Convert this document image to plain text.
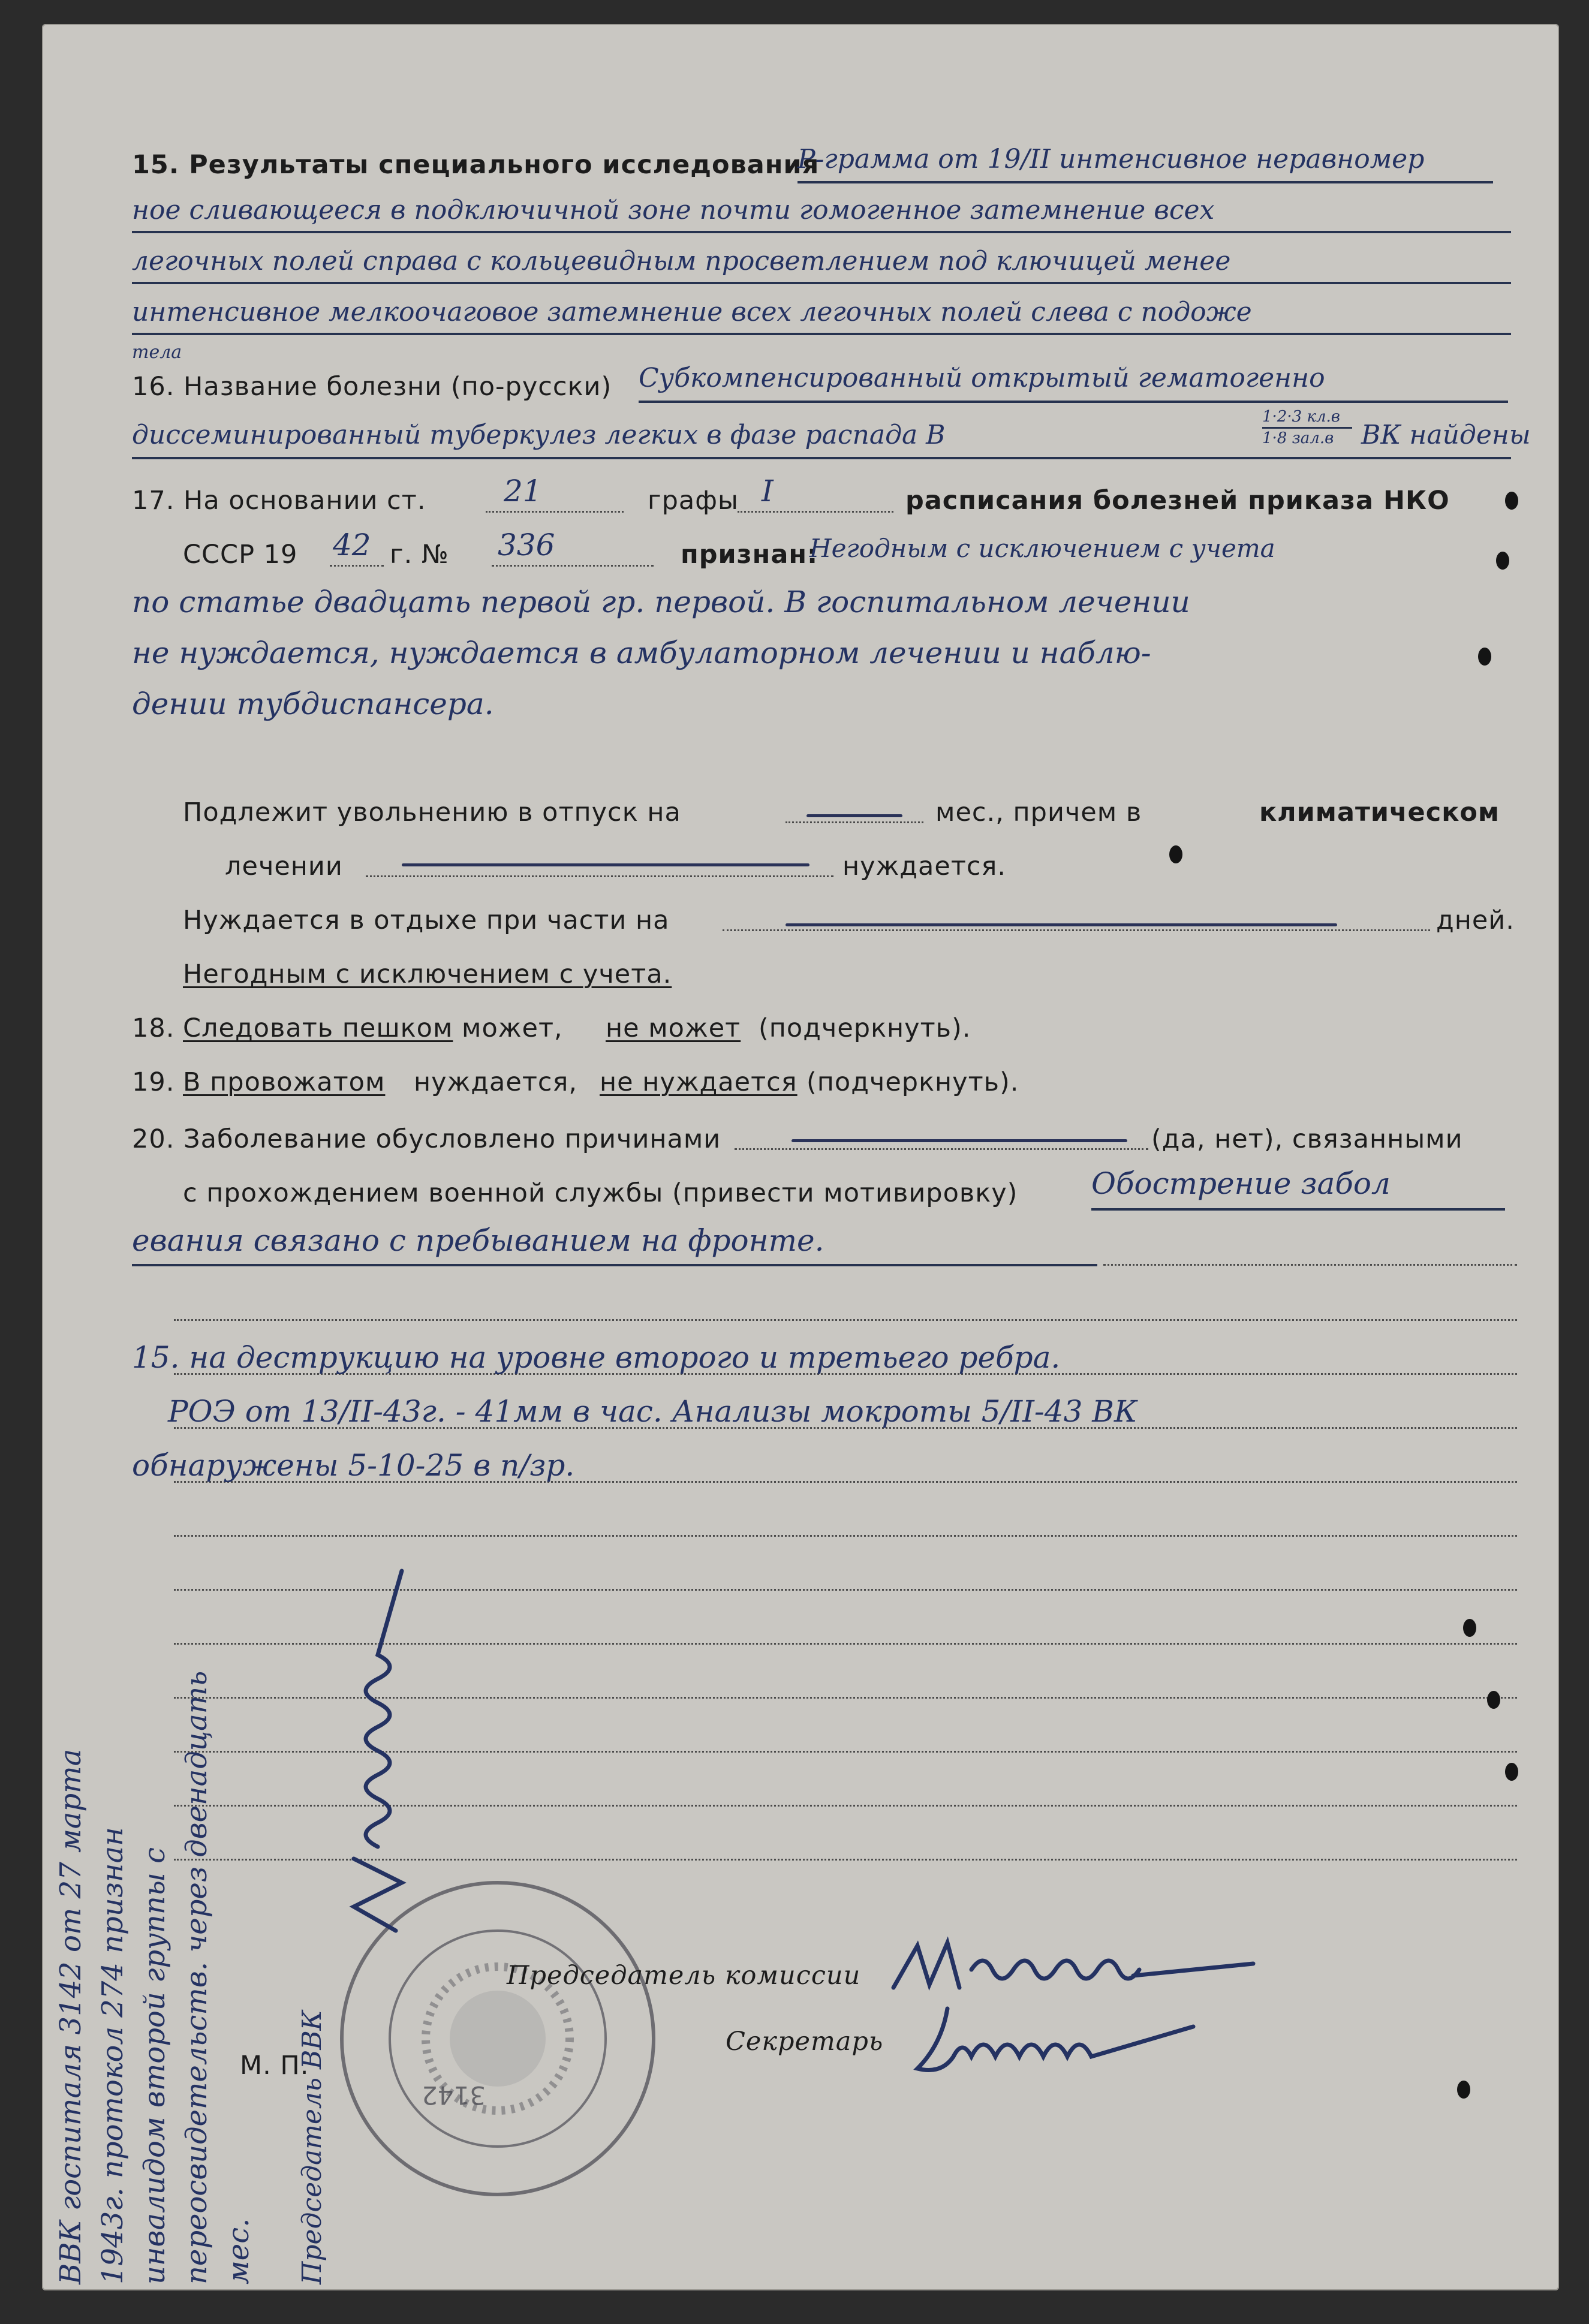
15. Результаты специального исследования
Р-грамма от 19/II интенсивное неравномер
ное сливающееся в подключичной зоне почти гомогенное затемнение всех
легочных полей справа с кольцевидным просветлением под ключицей менее
интенсивное мелкоочаговое затемнение всех легочных полей слева с подоже
тела
16. Название болезни (по-русски) Субкомпенсированный открытый гематогенно
диссеминированный туберкулез легких в фазе распада В
1·2·3 кл.в
1·8 зал.в ВК найдены
17. На основании ст.	21	графы I	расписания болезней приказа НКО
СССР 19 42 г. № 336	признан:
Негодным с исключением с учета
по статье двадцать первой гр. первой. В госпитальном лечении
не нуждается, нуждается в амбулаторном лечении и наблю-
дении тубдиспансера.
Подлежит увольнению в отпуск на	мес., причем в	климатическом
лечении	нуждается.
Нуждается в отдыхе при части на	дней.
Негодным с исключением с учета.
18. Следовать пешком может, не может (подчеркнуть).
19. В провожатом нуждается, не нуждается (подчеркнуть).
20. Заболевание обусловлено причинами	(да, нет), связанными
с прохождением военной службы (привести мотивировку) Обострение забол
евания связано с пребыванием на фронте.
15. на деструкцию на уровне второго и третьего ребра.
РОЭ от 13/II-43г. - 41мм в час. Анализы мокроты 5/II-43 ВК
обнаружены 5-10-25 в п/зр.
3142
М. П.
Председатель комиссии
Секретарь
ВВК госпиталя 3142 от 27 марта 1943г. протокол 274 признан инвалидом второй группы с переосвидетельств. через двенадцать мес. Председатель ВВК
